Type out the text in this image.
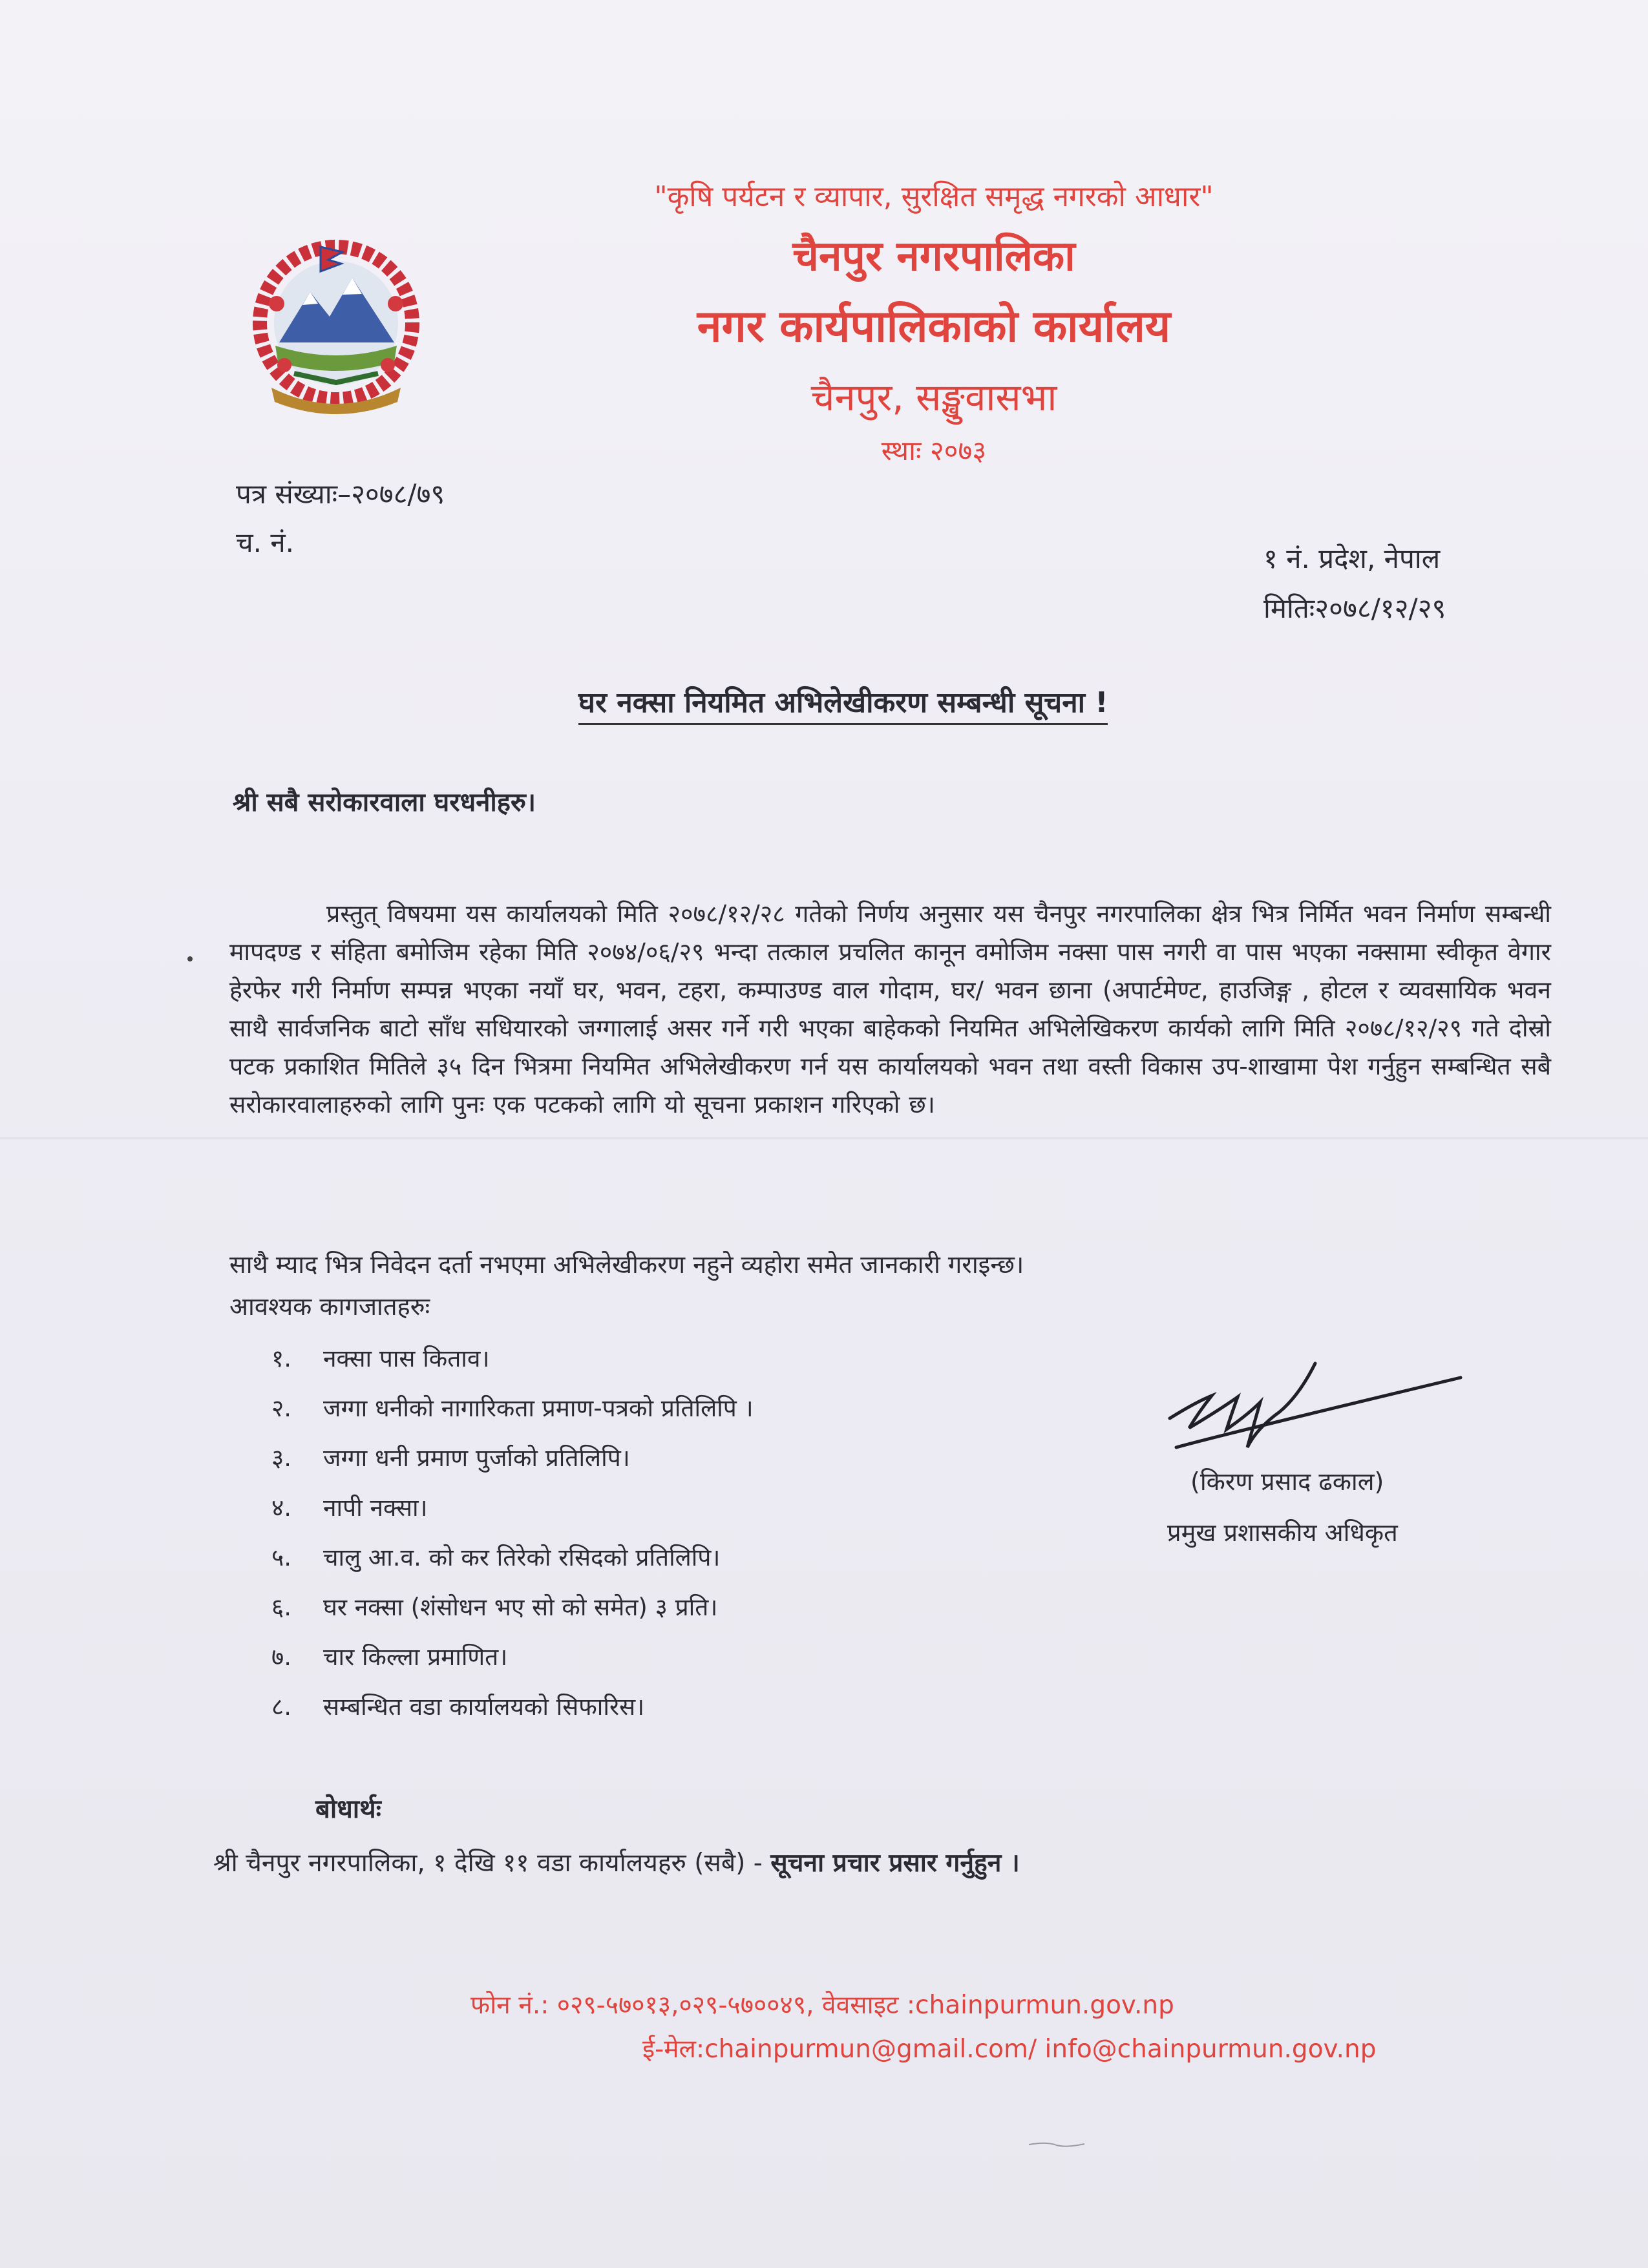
"कृषि पर्यटन र व्यापार, सुरक्षित समृद्ध नगरको आधार"
चैनपुर नगरपालिका
नगर कार्यपालिकाको कार्यालय
चैनपुर, सङ्खुवासभा
स्थाः २०७३
पत्र संख्याः–२०७८/७९
च. नं.
१ नं. प्रदेश, नेपाल
मितिः२०७८/१२/२९
घर नक्सा नियमित अभिलेखीकरण सम्बन्धी सूचना !
श्री सबै सरोकारवाला घरधनीहरु।
प्रस्तुत् विषयमा यस कार्यालयको मिति २०७८/१२/२८ गतेको निर्णय अनुसार यस चैनपुर नगरपालिका क्षेत्र भित्र निर्मित भवन निर्माण सम्बन्धी मापदण्ड र संहिता बमोजिम रहेका मिति २०७४/०६/२९ भन्दा तत्काल प्रचलित कानून वमोजिम नक्सा पास नगरी वा पास भएका नक्सामा स्वीकृत वेगार हेरफेर गरी निर्माण सम्पन्न भएका नयाँ घर, भवन, टहरा, कम्पाउण्ड वाल गोदाम, घर/ भवन छाना (अपार्टमेण्ट, हाउजिङ्ग , होटल र व्यवसायिक भवन साथै सार्वजनिक बाटो साँध सधियारको जग्गालाई असर गर्ने गरी भएका बाहेकको नियमित अभिलेखिकरण कार्यको लागि मिति २०७८/१२/२९ गते दोस्रो पटक प्रकाशित मितिले ३५ दिन भित्रमा नियमित अभिलेखीकरण गर्न यस कार्यालयको भवन तथा वस्ती विकास उप-शाखामा पेश गर्नुहुन सम्बन्धित सबै सरोकारवालाहरुको लागि पुनः एक पटकको लागि यो सूचना प्रकाशन गरिएको छ।
साथै म्याद भित्र निवेदन दर्ता नभएमा अभिलेखीकरण नहुने व्यहोरा समेत जानकारी गराइन्छ।
आवश्यक कागजातहरुः
१. नक्सा पास किताव।
२. जग्गा धनीको नागारिकता प्रमाण-पत्रको प्रतिलिपि ।
३. जग्गा धनी प्रमाण पुर्जाको प्रतिलिपि।
४. नापी नक्सा।
५. चालु आ.व. को कर तिरेको रसिदको प्रतिलिपि।
६. घर नक्सा (शंसोधन भए सो को समेत) ३ प्रति।
७. चार किल्ला प्रमाणित।
८. सम्बन्धित वडा कार्यालयको सिफारिस।
(किरण प्रसाद ढकाल)
प्रमुख प्रशासकीय अधिकृत
बोधार्थः
श्री चैनपुर नगरपालिका, १ देखि ११ वडा कार्यालयहरु (सबै) - सूचना प्रचार प्रसार गर्नुहुन ।
फोन नं.: ०२९-५७०१३,०२९-५७००४९, वेवसाइट :chainpurmun.gov.np
ई-मेल:chainpurmun@gmail.com/ info@chainpurmun.gov.np
